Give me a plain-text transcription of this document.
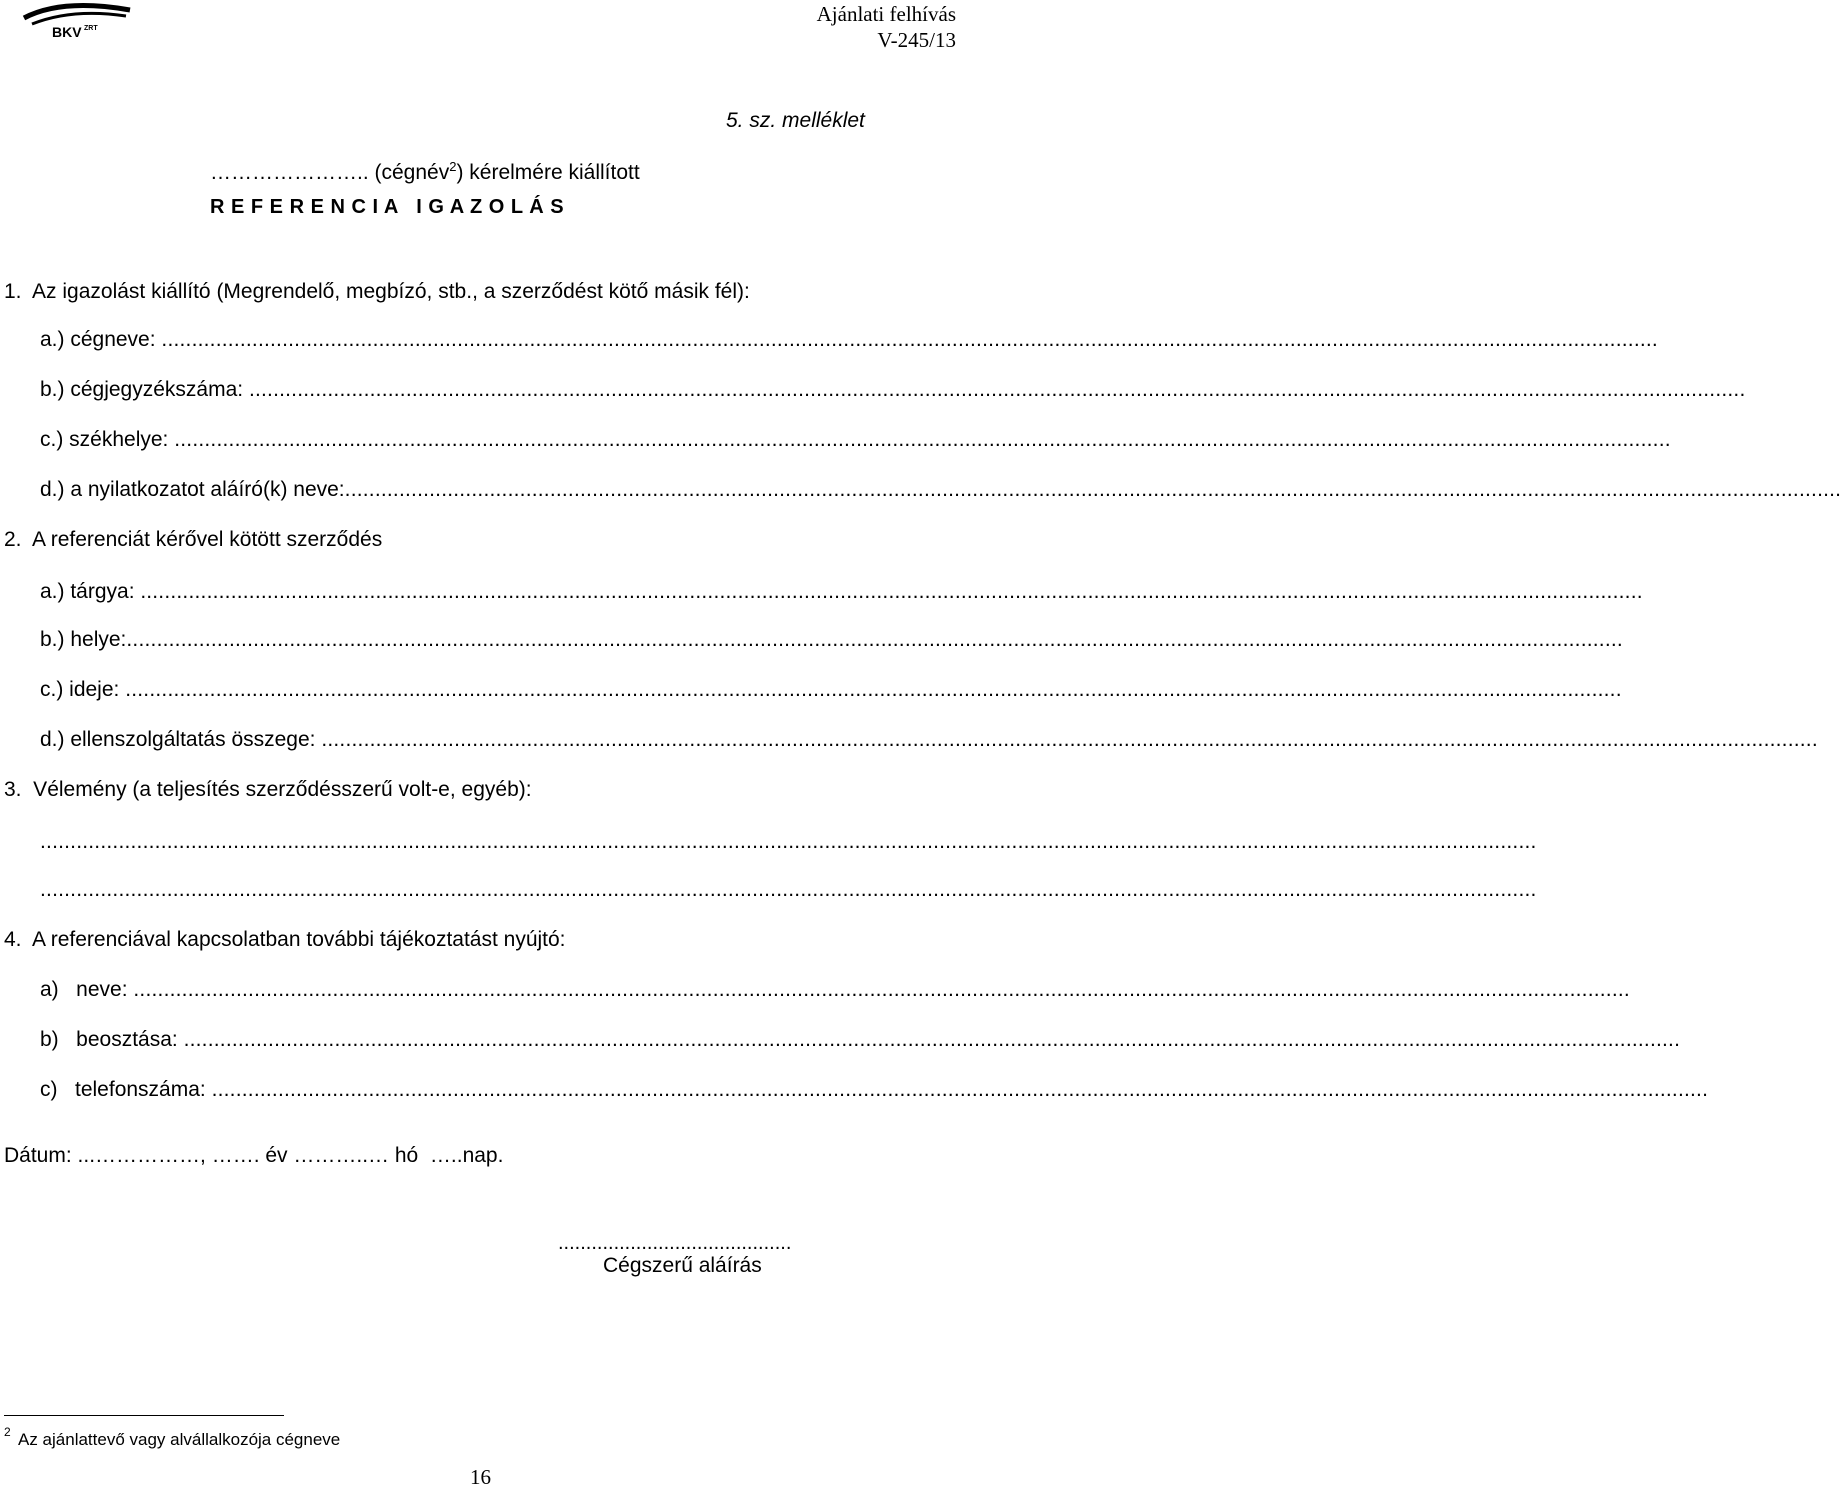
BKV ZRT
Ajánlati felhívás
V-245/13
5. sz. melléklet
………………….. (cégnév$^2$) kérelmére kiállított
R E F E R E N C I A   I G A Z O L Á S
1.  Az igazolást kiállító (Megrendelő, megbízó, stb., a szerződést kötő másik fél):
a.) cégneve: ........................................................................................................................................................................................................................................................
b.) cégjegyzékszáma: ........................................................................................................................................................................................................................................................
c.) székhelye: ........................................................................................................................................................................................................................................................
d.) a nyilatkozatot aláíró(k) neve: ........................................................................................................................................................................................................................................................
2.  A referenciát kérővel kötött szerződés
a.) tárgya: . ........................................................................................................................................................................................................................................................
b.) helye: ........................................................................................................................................................................................................................................................
c.) ideje: ........................................................................................................................................................................................................................................................
d.) ellenszolgáltatás összege: ........................................................................................................................................................................................................................................................
3.  Vélemény (a teljesítés szerződésszerű volt-e, egyéb):
........................................................................................................................................................................................................................................................
........................................................................................................................................................................................................................................................
4.  A referenciával kapcsolatban további tájékoztatást nyújtó:
a)   neve: ........................................................................................................................................................................................................................................................
b)   beosztása: ........................................................................................................................................................................................................................................................
c)   telefonszáma: ........................................................................................................................................................................................................................................................
Dátum: ...……………, ……. év ………..… hó  …..nap.
..........................................
Cégszerű aláírás
2 Az ajánlattevő vagy alvállalkozója cégneve
16
